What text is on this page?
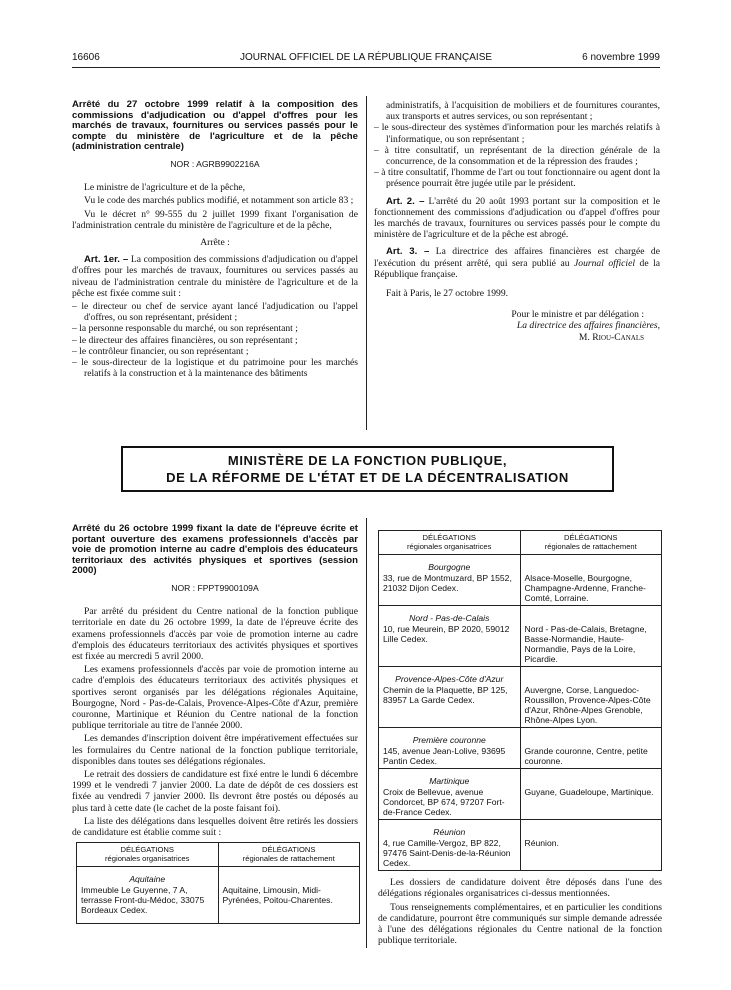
16606	JOURNAL OFFICIEL DE LA RÉPUBLIQUE FRANÇAISE	6 novembre 1999

Arrêté du 27 octobre 1999 relatif à la composition des commissions d'adjudication ou d'appel d'offres pour les marchés de travaux, fournitures ou services passés pour le compte du ministère de l'agriculture et de la pêche (administration centrale)

NOR : AGRB9902216A

Le ministre de l'agriculture et de la pêche,

Vu le code des marchés publics modifié, et notamment son article 83 ;

Vu le décret n° 99-555 du 2 juillet 1999 fixant l'organisation de l'administration centrale du ministère de l'agriculture et de la pêche,

Arrête :

Art. 1er. – La composition des commissions d'adjudication ou d'appel d'offres pour les marchés de travaux, fournitures ou services passés au niveau de l'administration centrale du ministère de l'agriculture et de la pêche est fixée comme suit :

– le directeur ou chef de service ayant lancé l'adjudication ou l'appel d'offres, ou son représentant, président ;

– la personne responsable du marché, ou son représentant ;

– le directeur des affaires financières, ou son représentant ;

– le contrôleur financier, ou son représentant ;

– le sous-directeur de la logistique et du patrimoine pour les marchés relatifs à la construction et à la maintenance des bâtiments

administratifs, à l'acquisition de mobiliers et de fournitures courantes, aux transports et autres services, ou son représentant ;

– le sous-directeur des systèmes d'information pour les marchés relatifs à l'informatique, ou son représentant ;

– à titre consultatif, un représentant de la direction générale de la concurrence, de la consommation et de la répression des fraudes ;

– à titre consultatif, l'homme de l'art ou tout fonctionnaire ou agent dont la présence pourrait être jugée utile par le président.

Art. 2. – L'arrêté du 20 août 1993 portant sur la composition et le fonctionnement des commissions d'adjudication ou d'appel d'offres pour les marchés de travaux, fournitures ou services passés pour le compte du ministère de l'agriculture et de la pêche est abrogé.

Art. 3. – La directrice des affaires financières est chargée de l'exécution du présent arrêté, qui sera publié au Journal officiel de la République française.

Fait à Paris, le 27 octobre 1999.

Pour le ministre et par délégation :

La directrice des affaires financières,

M. Riou-Canals

MINISTÈRE DE LA FONCTION PUBLIQUE,
DE LA RÉFORME DE L'ÉTAT ET DE LA DÉCENTRALISATION

Arrêté du 26 octobre 1999 fixant la date de l'épreuve écrite et portant ouverture des examens professionnels d'accès par voie de promotion interne au cadre d'emplois des éducateurs territoriaux des activités physiques et sportives (session 2000)

NOR : FPPT9900109A

Par arrêté du président du Centre national de la fonction publique territoriale en date du 26 octobre 1999, la date de l'épreuve écrite des examens professionnels d'accès par voie de promotion interne au cadre d'emplois des éducateurs territoriaux des activités physiques et sportives est fixée au mercredi 5 avril 2000.

Les examens professionnels d'accès par voie de promotion interne au cadre d'emplois des éducateurs territoriaux des activités physiques et sportives seront organisés par les délégations régionales Aquitaine, Bourgogne, Nord - Pas-de-Calais, Provence-Alpes-Côte d'Azur, première couronne, Martinique et Réunion du Centre national de la fonction publique territoriale au titre de l'année 2000.

Les demandes d'inscription doivent être impérativement effectuées sur les formulaires du Centre national de la fonction publique territoriale, disponibles dans toutes ses délégations régionales.

Le retrait des dossiers de candidature est fixé entre le lundi 6 décembre 1999 et le vendredi 7 janvier 2000. La date de dépôt de ces dossiers est fixée au vendredi 7 janvier 2000. Ils devront être postés ou déposés au plus tard à cette date (le cachet de la poste faisant foi).

La liste des délégations dans lesquelles doivent être retirés les dossiers de candidature est établie comme suit :

DÉLÉGATIONS
régionales organisatrices	DÉLÉGATIONS
régionales de rattachement

Aquitaine
Immeuble Le Guyenne, 7 A, terrasse Front-du-Médoc, 33075 Bordeaux Cedex.	Aquitaine, Limousin, Midi-Pyrénées, Poitou-Charentes.
DÉLÉGATIONS
régionales organisatrices	DÉLÉGATIONS
régionales de rattachement

Bourgogne
33, rue de Montmuzard, BP 1552, 21032 Dijon Cedex.	Alsace-Moselle, Bourgogne, Champagne-Ardenne, Franche-Comté, Lorraine.

Nord - Pas-de-Calais
10, rue Meurein, BP 2020, 59012 Lille Cedex.	Nord - Pas-de-Calais, Bretagne, Basse-Normandie, Haute-Normandie, Pays de la Loire, Picardie.

Provence-Alpes-Côte d'Azur
Chemin de la Plaquette, BP 125, 83957 La Garde Cedex.	Auvergne, Corse, Languedoc-Roussillon, Provence-Alpes-Côte d'Azur, Rhône-Alpes Grenoble, Rhône-Alpes Lyon.

Première couronne
145, avenue Jean-Lolive, 93695 Pantin Cedex.	Grande couronne, Centre, petite couronne.

Martinique
Croix de Bellevue, avenue Condorcet, BP 674, 97207 Fort-de-France Cedex.	Guyane, Guadeloupe, Martinique.

Réunion
4, rue Camille-Vergoz, BP 822, 97476 Saint-Denis-de-la-Réunion Cedex.	Réunion.

Les dossiers de candidature doivent être déposés dans l'une des délégations régionales organisatrices ci-dessus mentionnées.

Tous renseignements complémentaires, et en particulier les conditions de candidature, pourront être communiqués sur simple demande adressée à l'une des délégations régionales du Centre national de la fonction publique territoriale.
